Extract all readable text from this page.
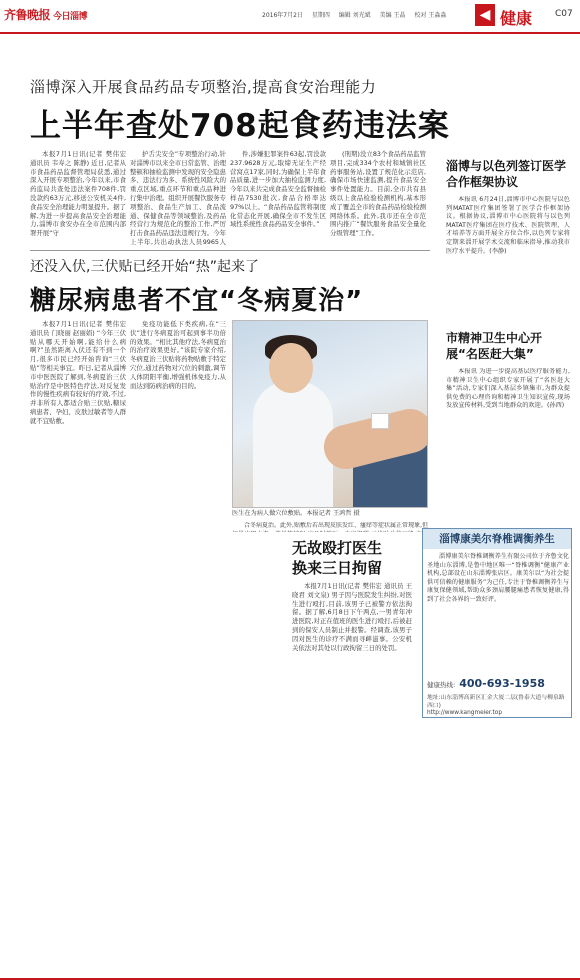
齐鲁晚报 今日淄博	2016年7月2日 星期四 编辑 刘光斌 美编 王晶 校对 王淼淼	◀ 健康	C07
淄博深入开展食品药品专项整治,提高食安治理能力
上半年查处708起食药违法案

本报7月1日讯(记者 樊伟宏 通讯员 韦寿之 陈静) 近日,记者从市食品药品监督管理局获悉,通过深入开展专项整治,今年以来,市食药监局共查处违法案件708件,罚没款约63万元,移送公安机关4件,食品安全治理能力明显提升。据了解,为进一步提高食品安全治理能力,淄博市食安办在全市范围内部署开展“守

护舌尖安全”专项整治行动,针对淄博市以来全市日常监管、治理整顿和抽检监测中发现的安全隐患多、违法行为多、系统性风险大的重点区域,重点环节和重点品种进行集中治理。组织开展餐饮服务专项整治、食品生产加工、食品流通、保健食品等领域整治,及药品经营行为规范化的整治工作,严厉打击食品药品违法违规行为。今年上半年,共出动执法人员9965人

件,涉嫌犯罪案件63起,罚没款237.9628万元,取缔无证生产经营窝点17家,同时,为确保上半年食品质量,进一步加大抽检监测力度,今年以来共完成食品安全监督抽检样品7530批次,食品合格率达97%以上。“食品药品监管将制度化常态化开展,确保全市不发生区域性系统性食品药品安全事件。”

(刑期)没立83个食品药品监管项目,完成334个农村和城镇社区药事服务站,设置了规范化示范店,确保市场快速监测,提升食品安全事件处置能力。目前,全市共有县级以上食品检验检测机构,基本形成了覆盖全市的食品药品检验检测网络体系。此外,我市还在全市范围内推广“餐饮服务食品安全量化分级管理”工作。

淄博与以色列签订医学合作框架协议

本报讯 6月24日,淄博市中心医院与以色列MATAT医疗集团签署了医学合作框架协议。根据协议,淄博市中心医院将与以色列MATAT医疗集团在医疗技术、医院管理、人才培养等方面开展全方位合作,以色列专家将定期来淄开展学术交流和临床指导,推动我市医疗水平提升。(李静)

还没入伏,三伏贴已经开始“热”起来了
糖尿病患者不宜“冬病夏治”

本报7月1日讯(记者 樊伟宏 通讯员 门晓丽 赵丽娟) “今年三伏贴从哪天开始啊,能给什么病啊?”虽然距离入伏还有不到一个月,很多市民已经开始咨询“三伏贴”等相关事宜。昨日,记者从淄博市中医医院了解到,冬病夏治三伏贴治疗是中医特色疗法,对反复发作的慢性疾病有较好的疗效,不过,并非所有人都适合贴三伏贴,糖尿病患者、孕妇、皮肤过敏者等人群就不宜贴敷。

免疫功能低下类疾病,在“三伏”进行冬病夏治可起到事半功倍的效果。“相比其他疗法,冬病夏治的治疗效果更好。”该院专家介绍,冬病夏治三伏贴将药物贴敷于特定穴位,通过药物对穴位的刺激,调节人体阴阳平衡,增强机体免疫力,从而达到防病治病的目的。

医生在为病人做穴位敷贴。本报记者 王鸿哲 摄

合冬病夏治。此外,贴敷后若出现皮肤发红、瘙痒等症状属正常现象,但

市精神卫生中心开展“名医赶大集”

本报讯 为进一步提高基层医疗服务能力,市精神卫生中心组织专家开展了“名医赶大集”活动,专家们深入基层乡镇集市,为群众提供免费的心理咨询和精神卫生知识宣传,现场发放宣传材料,受到当地群众的欢迎。(孙西)

无故殴打医生
换来三日拘留

本报7月1日讯(记者 樊伟宏 通讯员 王晓君 刘文泉) 男子因与医院发生纠纷,对医生进行殴打,目前,该男子已被警方依法拘留。据了解,6月8日下午两点,一男青年冲进医院,对正在值班的医生进行殴打,后被赶到的保安人员制止并报警。经调查,该男子因对医生的诊疗不满而寻衅滋事。公安机关依法对其处以行政拘留三日的处罚。

淄博康美尔脊椎调衡养生

淄博康美尔脊椎调衡养生有限公司位于齐鲁文化圣地山东淄博,是鲁中地区唯一“脊椎调衡”健康产业机构,总部设在山东淄博张店区。康美尔以“为社会提供可信赖的健康服务”为己任,专注于脊椎调衡养生与康复保健领域,帮助众多颈肩腰腿痛患者恢复健康,得到了社会各界的一致好评。

健康热线: 400-693-1958
地址:山东淄博高新区汇金大厦二层(鲁泰大道与柳泉路西口)
http://www.kangmeier.top
